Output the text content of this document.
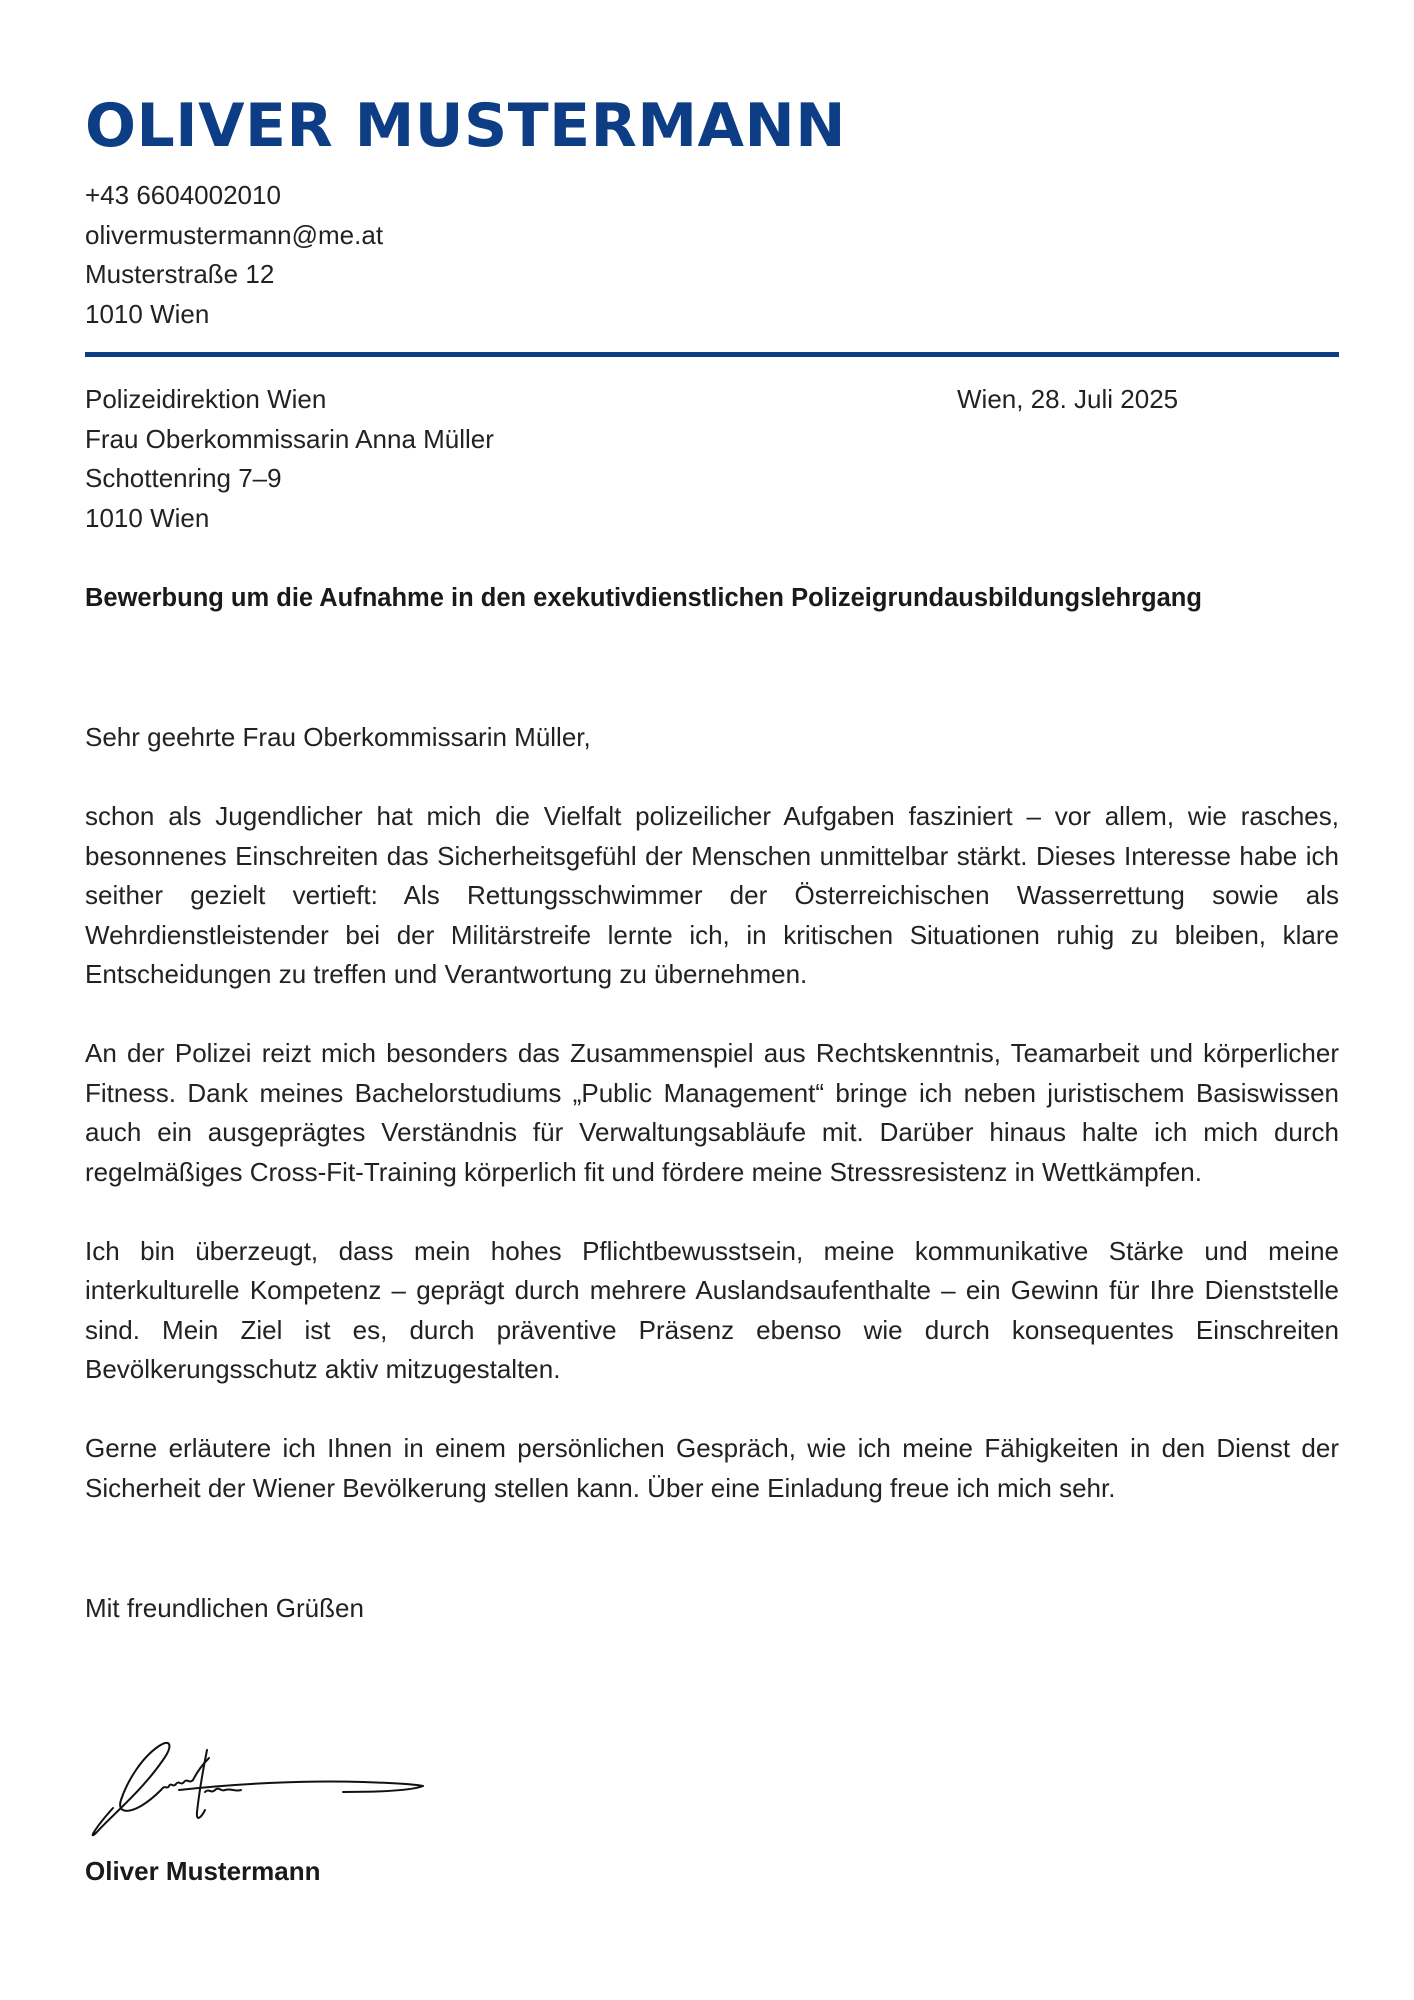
OLIVER MUSTERMANN
+43 6604002010
olivermustermann@me.at
Musterstraße 12
1010 Wien
Polizeidirektion Wien
Frau Oberkommissarin Anna Müller
Schottenring 7–9
1010 Wien
Wien, 28. Juli 2025
Bewerbung um die Aufnahme in den exekutivdienstlichen Polizeigrundausbildungslehrgang
Sehr geehrte Frau Oberkommissarin Müller,

schon als Jugendlicher hat mich die Vielfalt polizeilicher Aufgaben fasziniert – vor allem, wie rasches, besonnenes Einschreiten das Sicherheitsgefühl der Menschen unmittelbar stärkt. Dieses Interesse habe ich seither gezielt vertieft: Als Rettungsschwimmer der Österreichischen Wasserrettung sowie als Wehrdienstleistender bei der Militärstreife lernte ich, in kritischen Situationen ruhig zu bleiben, klare Entscheidungen zu treffen und Verantwortung zu übernehmen.

An der Polizei reizt mich besonders das Zusammenspiel aus Rechtskenntnis, Teamarbeit und körperlicher Fitness. Dank meines Bachelorstudiums „Public Management“ bringe ich neben juristischem Basiswissen auch ein ausgeprägtes Verständnis für Verwaltungsabläufe mit. Darüber hinaus halte ich mich durch regelmäßiges Cross-Fit-Training körperlich fit und fördere meine Stressresistenz in Wettkämpfen.

Ich bin überzeugt, dass mein hohes Pflichtbewusstsein, meine kommunikative Stärke und meine interkulturelle Kompetenz – geprägt durch mehrere Auslandsaufenthalte – ein Gewinn für Ihre Dienststelle sind. Mein Ziel ist es, durch präventive Präsenz ebenso wie durch konsequentes Einschreiten Bevölkerungsschutz aktiv mitzugestalten.

Gerne erläutere ich Ihnen in einem persönlichen Gespräch, wie ich meine Fähigkeiten in den Dienst der Sicherheit der Wiener Bevölkerung stellen kann. Über eine Einladung freue ich mich sehr.

Mit freundlichen Grüßen
Oliver Mustermann
